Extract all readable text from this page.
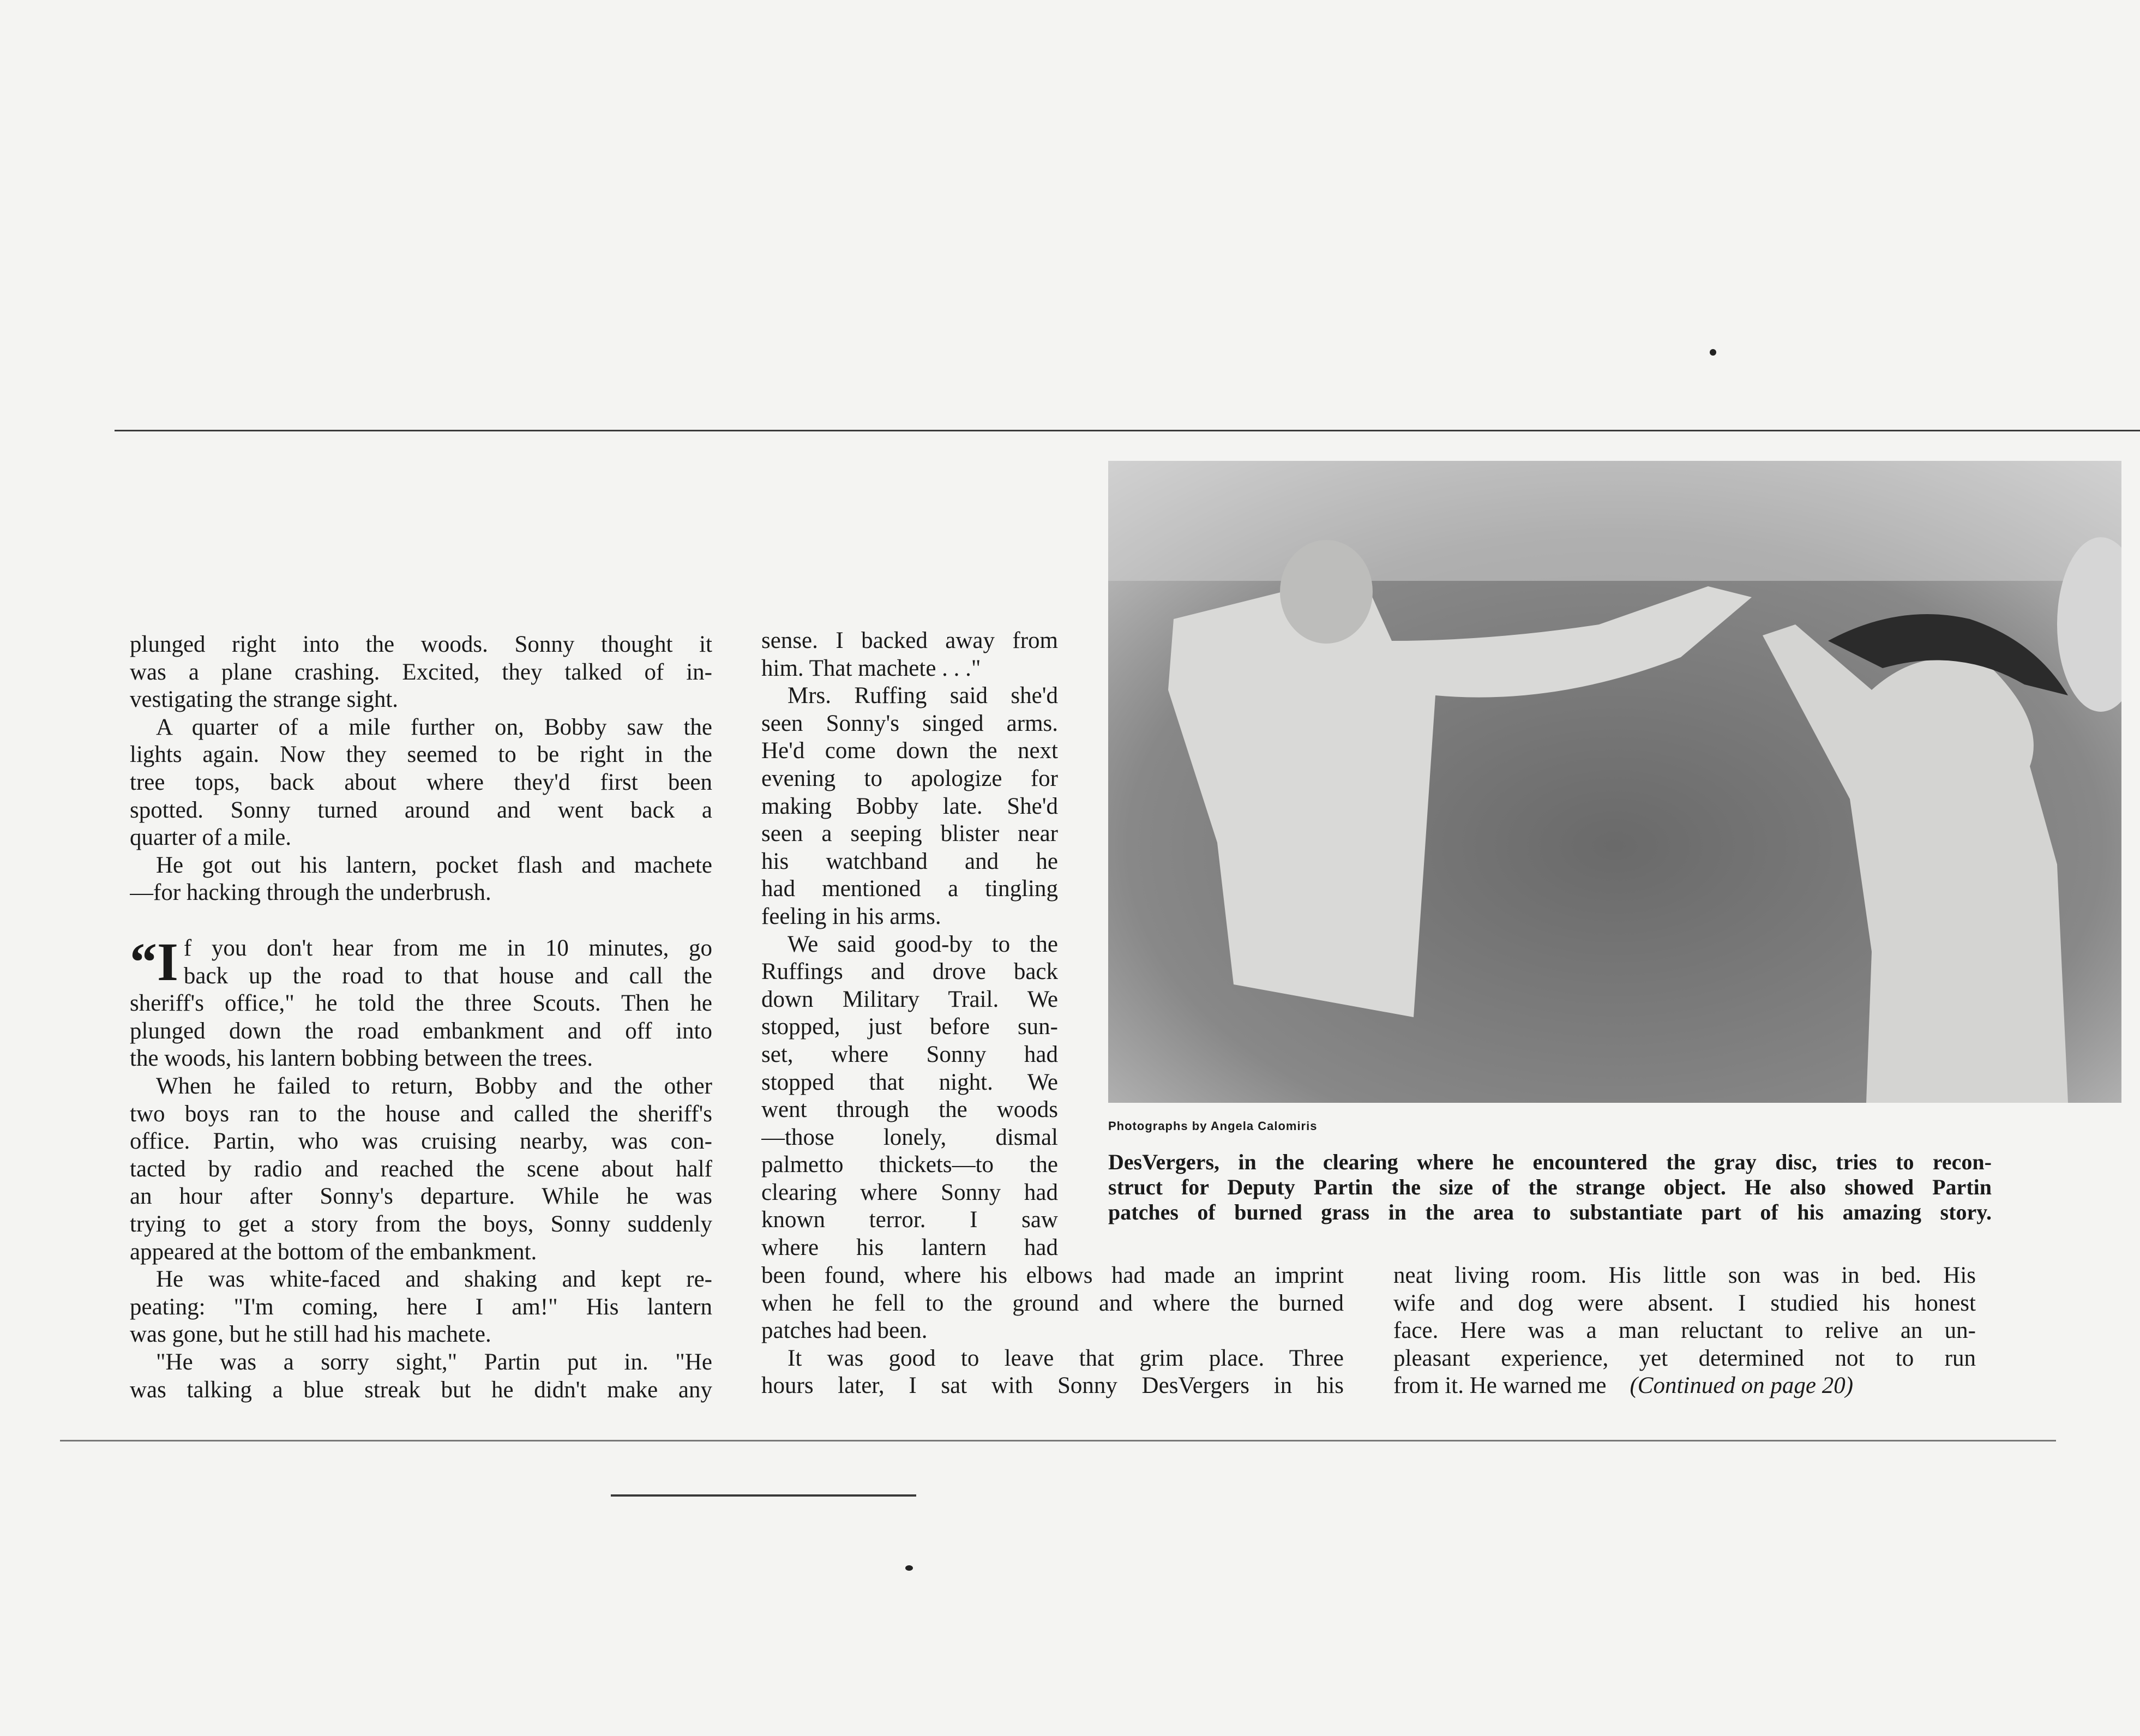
plunged right into the woods. Sonny thought it
was a plane crashing. Excited, they talked of in-
vestigating the strange sight.
A quarter of a mile further on, Bobby saw the
lights again. Now they seemed to be right in the
tree tops, back about where they'd first been
spotted. Sonny turned around and went back a
quarter of a mile.
He got out his lantern, pocket flash and machete
—for hacking through the underbrush.
“I f you don't hear from me in 10 minutes, go
back up the road to that house and call the
sheriff's office," he told the three Scouts. Then he
plunged down the road embankment and off into
the woods, his lantern bobbing between the trees.
When he failed to return, Bobby and the other
two boys ran to the house and called the sheriff's
office. Partin, who was cruising nearby, was con-
tacted by radio and reached the scene about half
an hour after Sonny's departure. While he was
trying to get a story from the boys, Sonny suddenly
appeared at the bottom of the embankment.
He was white-faced and shaking and kept re-
peating: "I'm coming, here I am!" His lantern
was gone, but he still had his machete.
"He was a sorry sight," Partin put in. "He
was talking a blue streak but he didn't make any
sense. I backed away from
him. That machete . . ."
Mrs. Ruffing said she'd
seen Sonny's singed arms.
He'd come down the next
evening to apologize for
making Bobby late. She'd
seen a seeping blister near
his watchband and he
had mentioned a tingling
feeling in his arms.
We said good-by to the
Ruffings and drove back
down Military Trail. We
stopped, just before sun-
set, where Sonny had
stopped that night. We
went through the woods
—those lonely, dismal
palmetto thickets—to the
clearing where Sonny had
known terror. I saw
where his lantern had
been found, where his elbows had made an imprint
when he fell to the ground and where the burned
patches had been.
It was good to leave that grim place. Three
hours later, I sat with Sonny DesVergers in his
neat living room. His little son was in bed. His
wife and dog were absent. I studied his honest
face. Here was a man reluctant to relive an un-
pleasant experience, yet determined not to run
from it. He warned me (Continued on page 20)
Photographs by Angela Calomiris
DesVergers, in the clearing where he encountered the gray disc, tries to recon-
struct for Deputy Partin the size of the strange object. He also showed Partin
patches of burned grass in the area to substantiate part of his amazing story.
